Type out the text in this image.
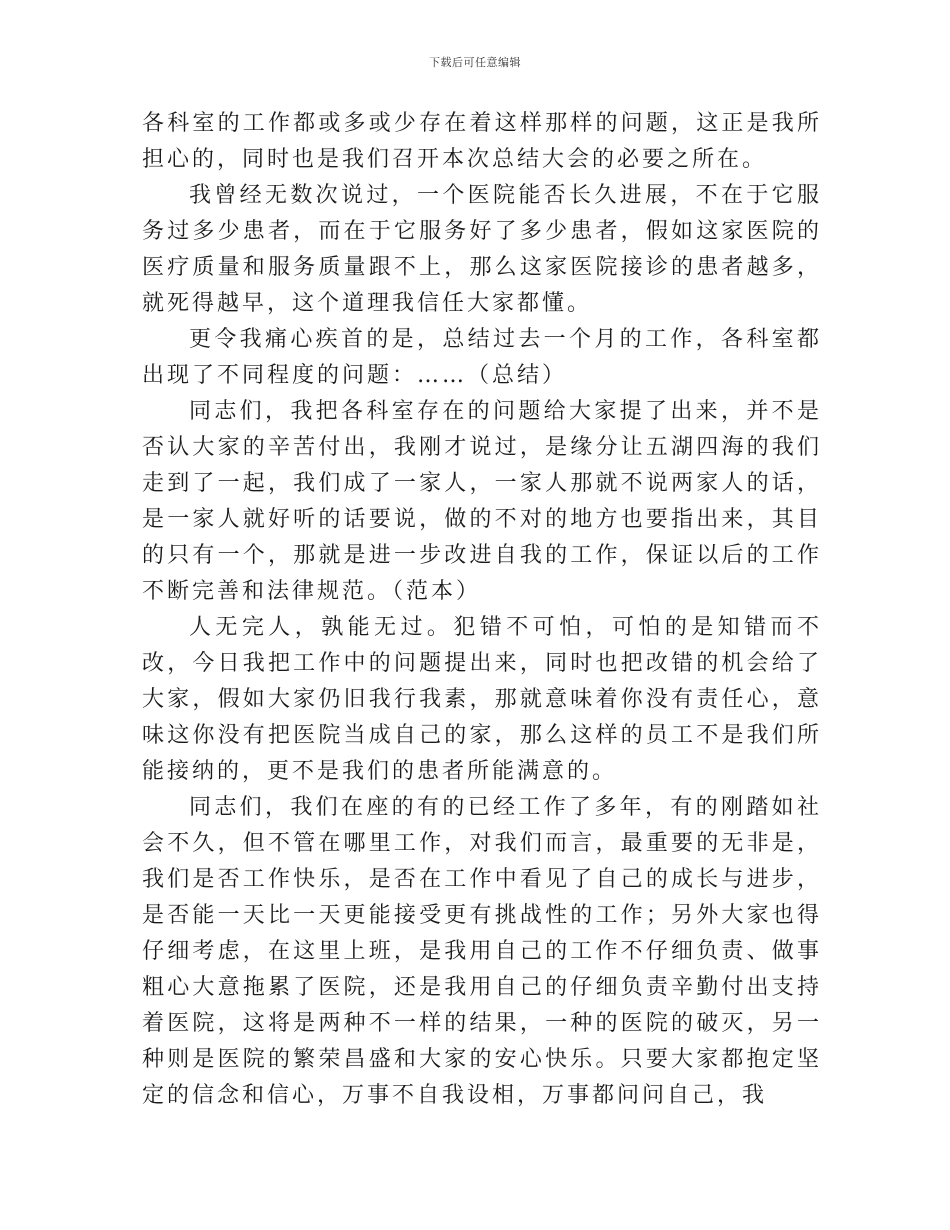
下载后可任意编辑

各科室的工作都或多或少存在着这样那样的问题，这正是我所担心的，同时也是我们召开本次总结大会的必要之所在。

我曾经无数次说过，一个医院能否长久进展，不在于它服务过多少患者，而在于它服务好了多少患者，假如这家医院的医疗质量和服务质量跟不上，那么这家医院接诊的患者越多，就死得越早，这个道理我信任大家都懂。

更令我痛心疾首的是，总结过去一个月的工作，各科室都出现了不同程度的问题：……（总结）

同志们，我把各科室存在的问题给大家提了出来，并不是否认大家的辛苦付出，我刚才说过，是缘分让五湖四海的我们走到了一起，我们成了一家人，一家人那就不说两家人的话，是一家人就好听的话要说，做的不对的地方也要指出来，其目的只有一个，那就是进一步改进自我的工作，保证以后的工作不断完善和法律规范。（范本）

人无完人，孰能无过。犯错不可怕，可怕的是知错而不改，今日我把工作中的问题提出来，同时也把改错的机会给了大家，假如大家仍旧我行我素，那就意味着你没有责任心，意味这你没有把医院当成自己的家，那么这样的员工不是我们所能接纳的，更不是我们的患者所能满意的。

同志们，我们在座的有的已经工作了多年，有的刚踏如社会不久，但不管在哪里工作，对我们而言，最重要的无非是，我们是否工作快乐，是否在工作中看见了自己的成长与进步，是否能一天比一天更能接受更有挑战性的工作；另外大家也得仔细考虑，在这里上班，是我用自己的工作不仔细负责、做事粗心大意拖累了医院，还是我用自己的仔细负责辛勤付出支持着医院，这将是两种不一样的结果，一种的医院的破灭，另一种则是医院的繁荣昌盛和大家的安心快乐。只要大家都抱定坚定的信念和信心，万事不自我设相，万事都问问自己，我
